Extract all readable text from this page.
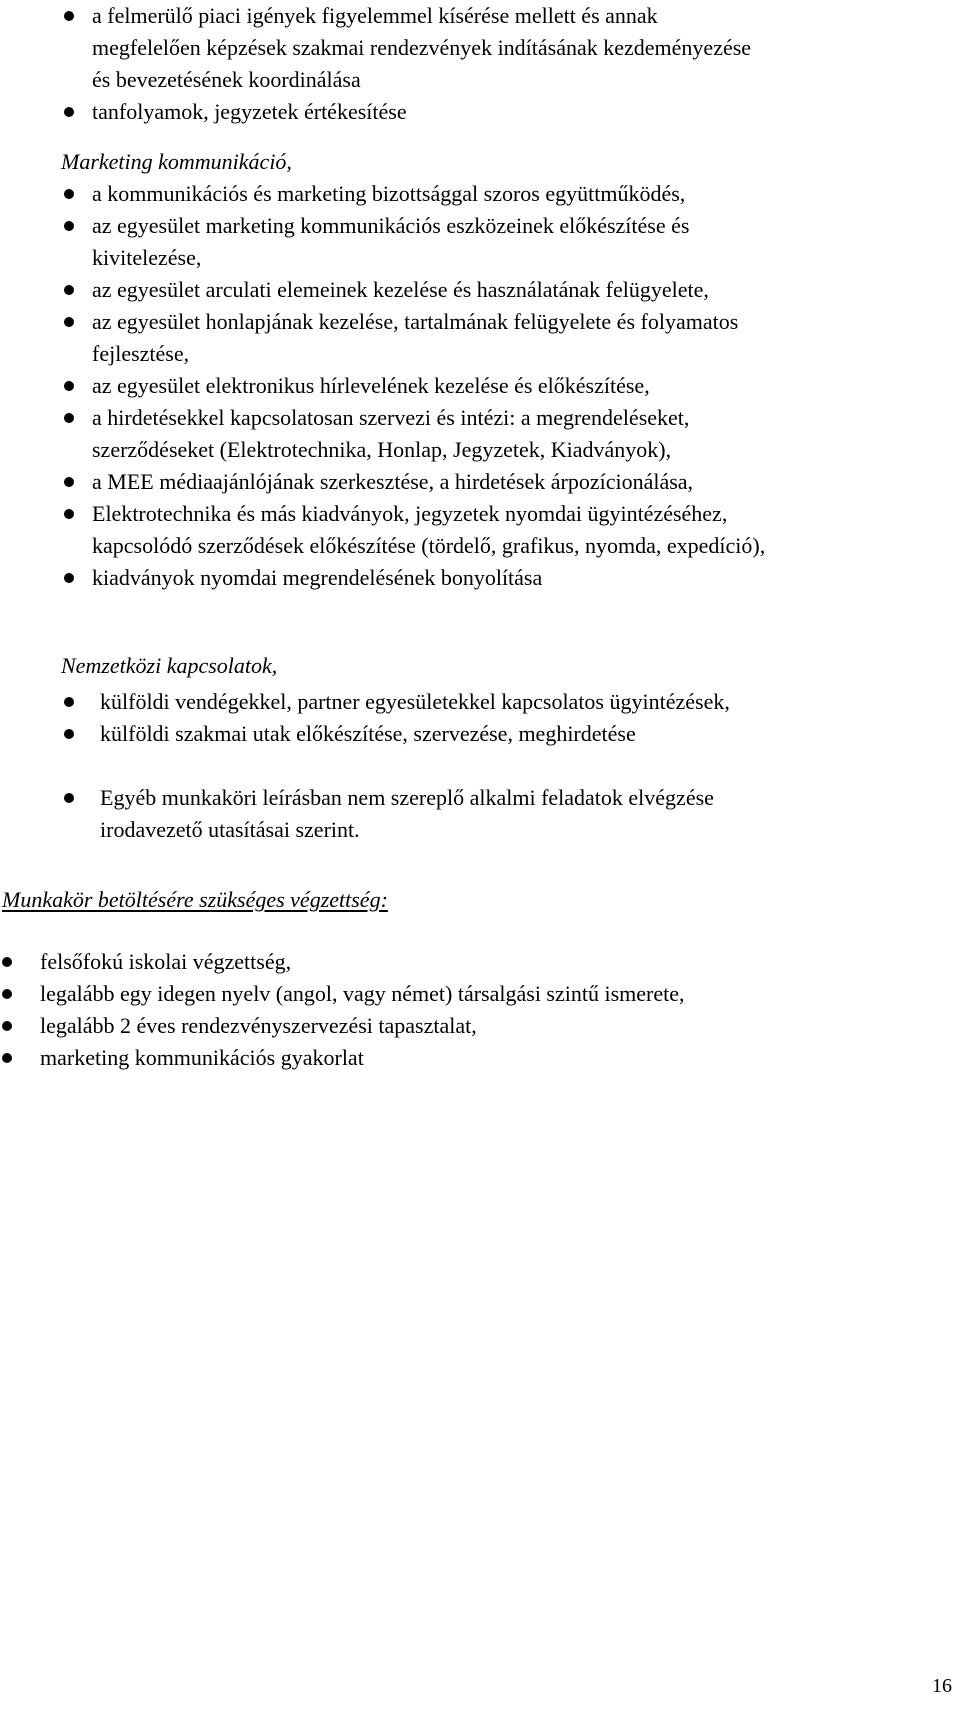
a felmerülő piaci igények figyelemmel kísérése mellett és annak
megfelelően képzések szakmai rendezvények indításának kezdeményezése
és bevezetésének koordinálása
tanfolyamok, jegyzetek értékesítése
Marketing kommunikáció,
a kommunikációs és marketing bizottsággal szoros együttműködés,
az egyesület marketing kommunikációs eszközeinek előkészítése és
kivitelezése,
az egyesület arculati elemeinek kezelése és használatának felügyelete,
az egyesület honlapjának kezelése, tartalmának felügyelete és folyamatos
fejlesztése,
az egyesület elektronikus hírlevelének kezelése és előkészítése,
a hirdetésekkel kapcsolatosan szervezi és intézi: a megrendeléseket,
szerződéseket (Elektrotechnika, Honlap, Jegyzetek, Kiadványok),
a MEE médiaajánlójának szerkesztése, a hirdetések árpozícionálása,
Elektrotechnika és más kiadványok, jegyzetek nyomdai ügyintézéséhez,
kapcsolódó szerződések előkészítése (tördelő, grafikus, nyomda, expedíció),
kiadványok nyomdai megrendelésének bonyolítása
Nemzetközi kapcsolatok,
külföldi vendégekkel, partner egyesületekkel kapcsolatos ügyintézések,
külföldi szakmai utak előkészítése, szervezése, meghirdetése
Egyéb munkaköri leírásban nem szereplő alkalmi feladatok elvégzése
irodavezető utasításai szerint.
Munkakör betöltésére szükséges végzettség:
felsőfokú iskolai végzettség,
legalább egy idegen nyelv (angol, vagy német) társalgási szintű ismerete,
legalább 2 éves rendezvényszervezési tapasztalat,
marketing kommunikációs gyakorlat
16
